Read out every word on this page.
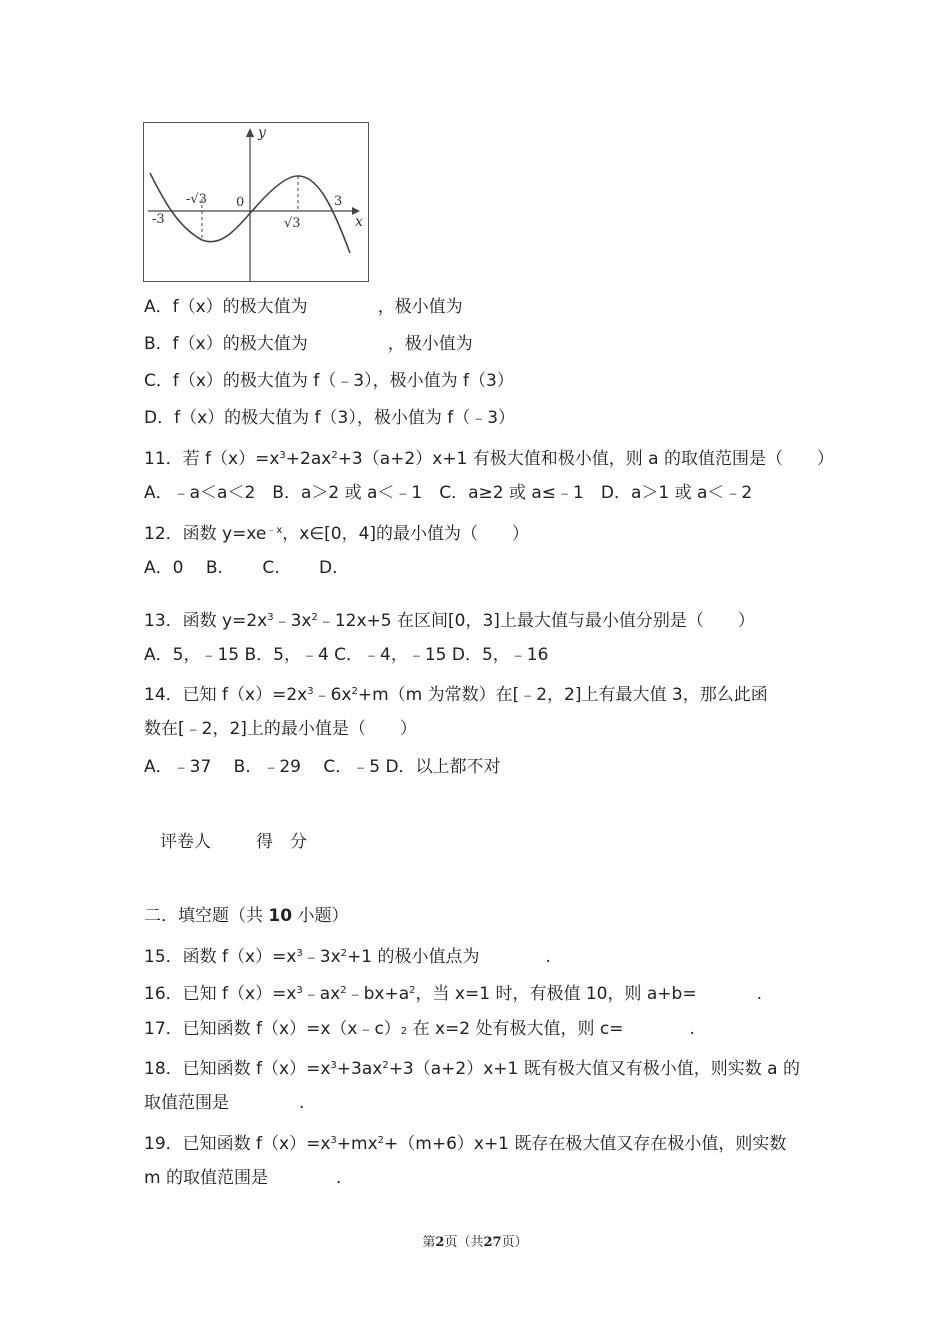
y
x
-√3 0
-3	√3
3
A．f（x）的极大值为	，极小值为
B．f（x）的极大值为	，极小值为
C．f（x）的极大值为 f（﹣3），极小值为 f（3）
D．f（x）的极大值为 f（3），极小值为 f（﹣3）
11．若 $f(x)=x^3+2ax^2+3(a+2)x+1$ 有极大值和极小值，则 a 的取值范围是（　　）
A．﹣a＜a＜2　B．a＞2 或 a＜﹣1　C．a≥2 或 a≤﹣1　D．a＞1 或 a＜﹣2
12．函数 $y=xe^{﹣x}$，x∈[0，4]的最小值为（　　）
A．0　 B.　　 C.　　 D.
13．函数 $y=2x^3﹣3x^2﹣12x+5$ 在区间[0，3]上最大值与最小值分别是（　　）
A．5，﹣15 B．5，﹣4 C．﹣4，﹣15 D．5，﹣16
14．已知 $f(x)=2x^3﹣6x^2+m(m$ 为常数）在[﹣2，2]上有最大值 3，那么此函
数在[﹣2，2]上的最小值是（　　）
A．﹣37　 B．﹣29　 C．﹣5 D．以上都不对
评卷人	得　分
二．填空题（共 10 小题）
15．函数 $f(x)=x^3﹣3x^2+1$ 的极小值点为	.
16．已知 $f(x)=x^3﹣ax^2﹣bx+a^2$，当 x=1 时，有极值 10，则 a+b=	.
17．已知函数 f（x）=x（x﹣c）2 在 x=2 处有极大值，则 c=	.
18．已知函数 $f(x)=x^3+3ax^2+3(a+2)x+1$ 既有极大值又有极小值，则实数 a 的
取值范围是	.
19．已知函数 $f(x)=x^3+mx^2+(m+6)x+1$ 既存在极大值又存在极小值，则实数
m 的取值范围是	.
第2页（共27页）
